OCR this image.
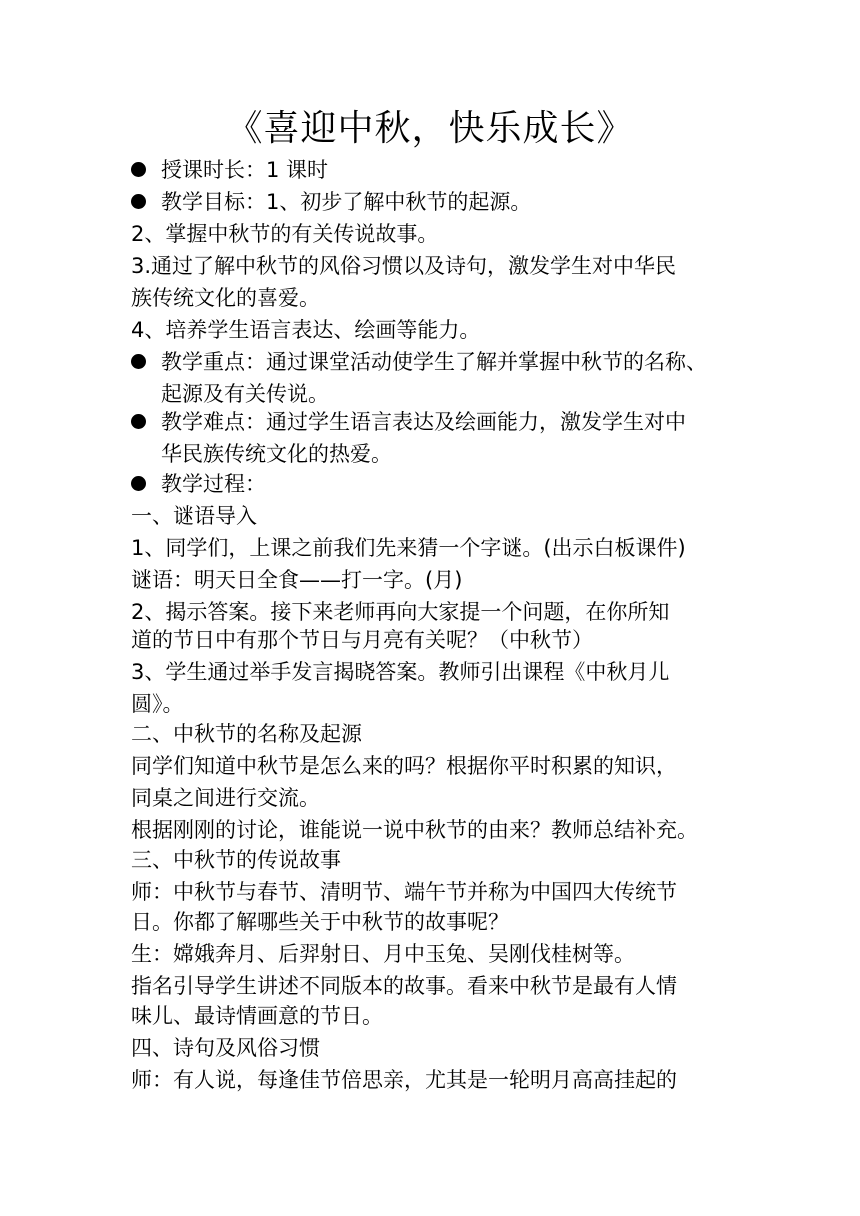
《喜迎中秋，快乐成长》
授课时长：1 课时
教学目标：1、初步了解中秋节的起源。
2、掌握中秋节的有关传说故事。
3.通过了解中秋节的风俗习惯以及诗句，激发学生对中华民
族传统文化的喜爱。
4、培养学生语言表达、绘画等能力。
教学重点：通过课堂活动使学生了解并掌握中秋节的名称、
起源及有关传说。
教学难点：通过学生语言表达及绘画能力，激发学生对中
华民族传统文化的热爱。
教学过程：
一、谜语导入
1、同学们，上课之前我们先来猜一个字谜。(出示白板课件)
谜语：明天日全食——打一字。(月)
2、揭示答案。接下来老师再向大家提一个问题，在你所知
道的节日中有那个节日与月亮有关呢？（中秋节）
3、学生通过举手发言揭晓答案。教师引出课程《中秋月儿
圆》。
二、中秋节的名称及起源
同学们知道中秋节是怎么来的吗？根据你平时积累的知识，
同桌之间进行交流。
根据刚刚的讨论，谁能说一说中秋节的由来？教师总结补充。
三、中秋节的传说故事
师：中秋节与春节、清明节、端午节并称为中国四大传统节
日。你都了解哪些关于中秋节的故事呢？
生：嫦娥奔月、后羿射日、月中玉兔、吴刚伐桂树等。
指名引导学生讲述不同版本的故事。看来中秋节是最有人情
味儿、最诗情画意的节日。
四、诗句及风俗习惯
师：有人说，每逢佳节倍思亲，尤其是一轮明月高高挂起的
